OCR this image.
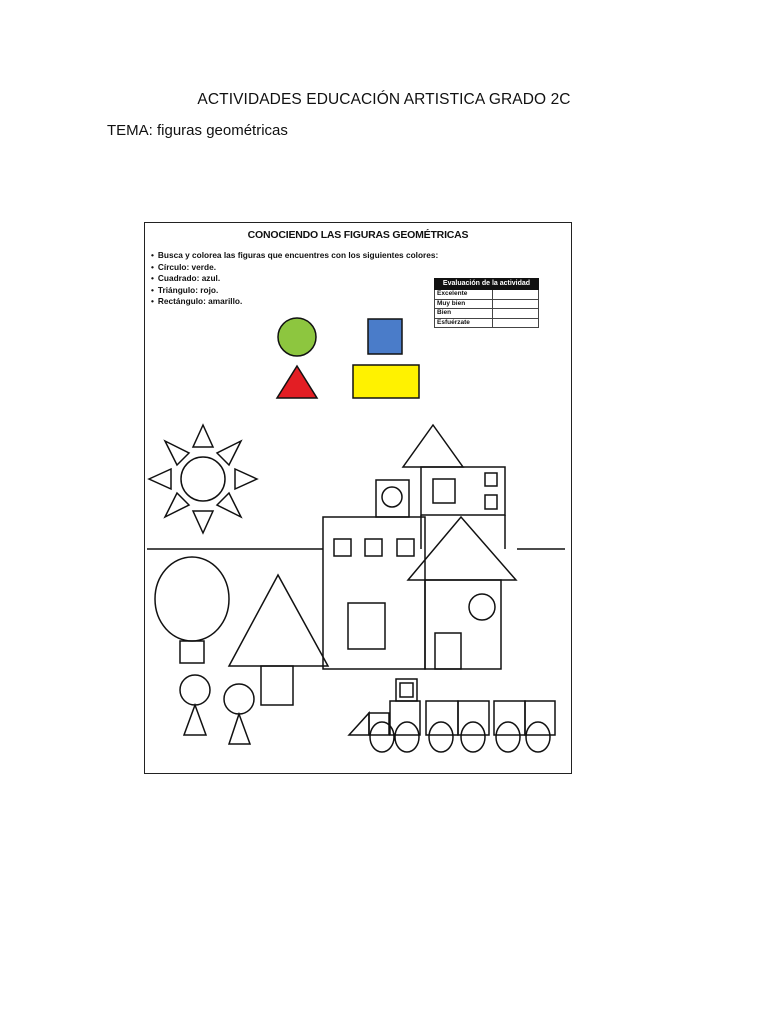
ACTIVIDADES EDUCACIÓN ARTISTICA GRADO 2C
TEMA: figuras geométricas
CONOCIENDO LAS FIGURAS GEOMÉTRICAS
• Busca y colorea las figuras que encuentres con los siguientes colores:
• Círculo: verde.
• Cuadrado: azul.
• Triángulo: rojo.
• Rectángulo: amarillo.
Evaluación de la actividad	
Excelente	
Muy bien	
Bien	
Esfuérzate	
